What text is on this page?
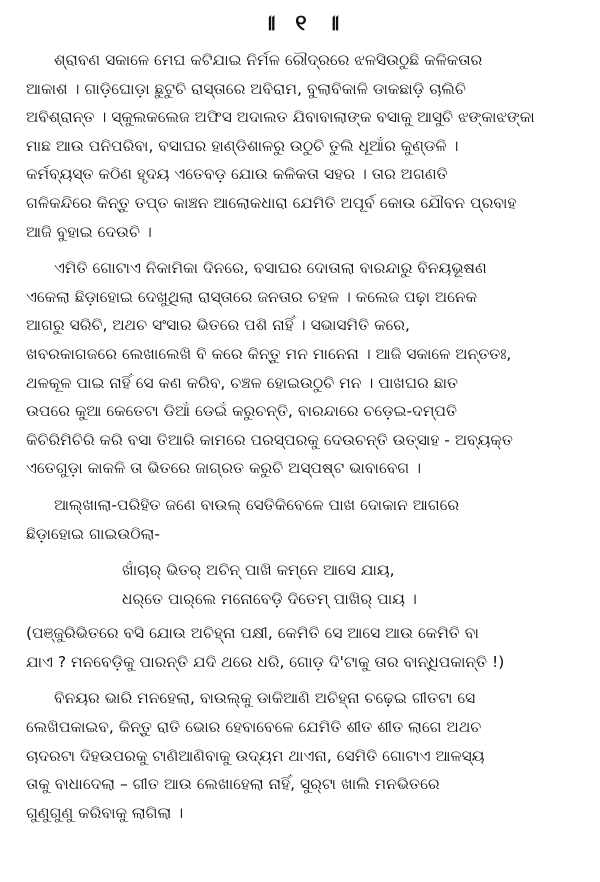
॥ ୧ ॥
ଶ୍ରାବଣ ସକାଳେ ମେଘ କଟିଯାଇ ନିର୍ମଳ ରୌଦ୍ରରେ ଝଳସିଉଠୁଛି କଳିକତାର
ଆକାଶ । ଗାଡ଼ିଘୋଡ଼ା ଛୁଟୁଚି ରାସ୍ତାରେ ଅବିରାମ, ବୁଲାବିକାଳି ଡାକଛାଡ଼ି ଚାଲିଚି
ଅବିଶ୍ରାନ୍ତ । ସ୍କୁଲକଲେଜ ଅଫିସ ଅଦାଲତ ଯିବାବାଲାଙ୍କ ବସାକୁ ଆସୁଚି ଝଙ୍କାଝଙ୍କା
ମାଛ ଆଉ ପନିପରିବା, ବସାଘର ହାଣ୍ଡିଶାଳରୁ ଉଠୁଚି ତୁଲି ଧୂଆଁର କୁଣ୍ଡଳି ।
କର୍ମବ୍ୟସ୍ତ କଠିଣ ହୃଦୟ ଏତେବଡ଼ ଯୋଉ କଳିକତା ସହର । ତାର ଅଗଣତି
ଗଳିକନ୍ଦିରେ କିନ୍ତୁ ତପ୍ତ କାଞ୍ଚନ ଆଲୋକଧାରା ଯେମିତି ଅପୂର୍ବ କୋଉ ଯୌବନ ପ୍ରବାହ
ଆଜି ବୁହାଇ ଦେଉଚି ।
ଏମିତି ଗୋଟାଏ ନିକାମିକା ଦିନରେ, ବସାଘର ଦୋତାଲା ବାରନ୍ଦାରୁ ବିନୟଭୂଷଣ
ଏକେଲା ଛିଡ଼ାହୋଇ ଦେଖୁଥିଲା ରାସ୍ତାରେ ଜନତାର ଚହଳ । କଲେଜ ପଢ଼ା ଅନେକ
ଆଗରୁ ସରିଚି, ଅଥଚ ସଂସାର ଭିତରେ ପଶି ନାହିଁ । ସଭାସମିତି କରେ,
ଖବରକାଗଜରେ ଲେଖାଲେଖି ବି କରେ କିନ୍ତୁ ମନ ମାନେନା । ଆଜି ସକାଳେ ଅନ୍ତତଃ,
ଥଳକୂଳ ପାଇ ନାହିଁ ସେ କଣ କରିବ, ଚଞ୍ଚଳ ହୋଇଉଠୁଚି ମନ । ପାଖଘର ଛାତ
ଉପରେ କୁଆ କେତେଟା ଡିଆଁ ଡେଇଁ କରୁଚନ୍ତି, ବାରନ୍ଦାରେ ଚଡ଼େଇ-ଦମ୍ପତି
କିଚିରିମିଚିରି କରି ବସା ତିଆରି କାମରେ ପରସ୍ପରକୁ ଦେଉଚନ୍ତି ଉତ୍ସାହ - ଅବ୍ୟକ୍ତ
ଏତେଗୁଡ଼ା କାକଳି ତା ଭିତରେ ଜାଗ୍ରତ କରୁଚି ଅସ୍ପଷ୍ଟ ଭାବାବେଗ ।
ଆଲ୍‌ଖାଲା-ପରିହିତ ଜଣେ ବାଉଲ୍ ସେତିକିବେଳେ ପାଖ ଦୋକାନ ଆଗରେ
ଛିଡ଼ାହୋଇ ଗାଇଉଠିଲା-
ଖାଁଚାର୍ ଭିତର୍ ଅଚିନ୍ ପାଖି କମ୍‌ନେ ଆସେ ଯାୟ,
ଧର୍‌ତେ ପାର୍‌ଲେ ମନୋବେଡ଼ି ଦିତେମ୍ ପାଖିର୍ ପାୟ ।
(ପଞ୍ଜୁରିଭିତରେ ବସି ଯୋଉ ଅଚିହ୍ନା ପକ୍ଷୀ, କେମିତି ସେ ଆସେ ଆଉ କେମିତି ବା
ଯାଏ ? ମନବେଡ଼ିକୁ ପାରନ୍ତି ଯଦି ଥରେ ଧରି, ଗୋଡ଼ ଦି'ଟାକୁ ତାର ବାନ୍ଧିପକାନ୍ତି !)
ବିନୟର ଭାରି ମନହେଲା, ବାଉଲ୍‌କୁ ଡାକିଆଣି ଅଚିହ୍ନା ଚଢ଼େଇ ଗୀତଟା ସେ
ଲେଖିପକାଇବ, କିନ୍ତୁ ରାତି ଭୋର ହେବାବେଳେ ଯେମିତି ଶୀତ ଶୀତ ଲାଗେ ଅଥଚ
ଚାଦରଟା ଦିହଉପରକୁ ଟାଣିଆଣିବାକୁ ଉଦ୍ୟମ ଥାଏନା, ସେମିତି ଗୋଟାଏ ଆଳସ୍ୟ
ତାକୁ ବାଧାଦେଲା – ଗୀତ ଆଉ ଲେଖାହେଲା ନାହିଁ, ସୁର୍‌ଟା ଖାଲି ମନଭିତରେ
ଗୁଣୁଗୁଣୁ କରିବାକୁ ଲାଗିଲା ।
